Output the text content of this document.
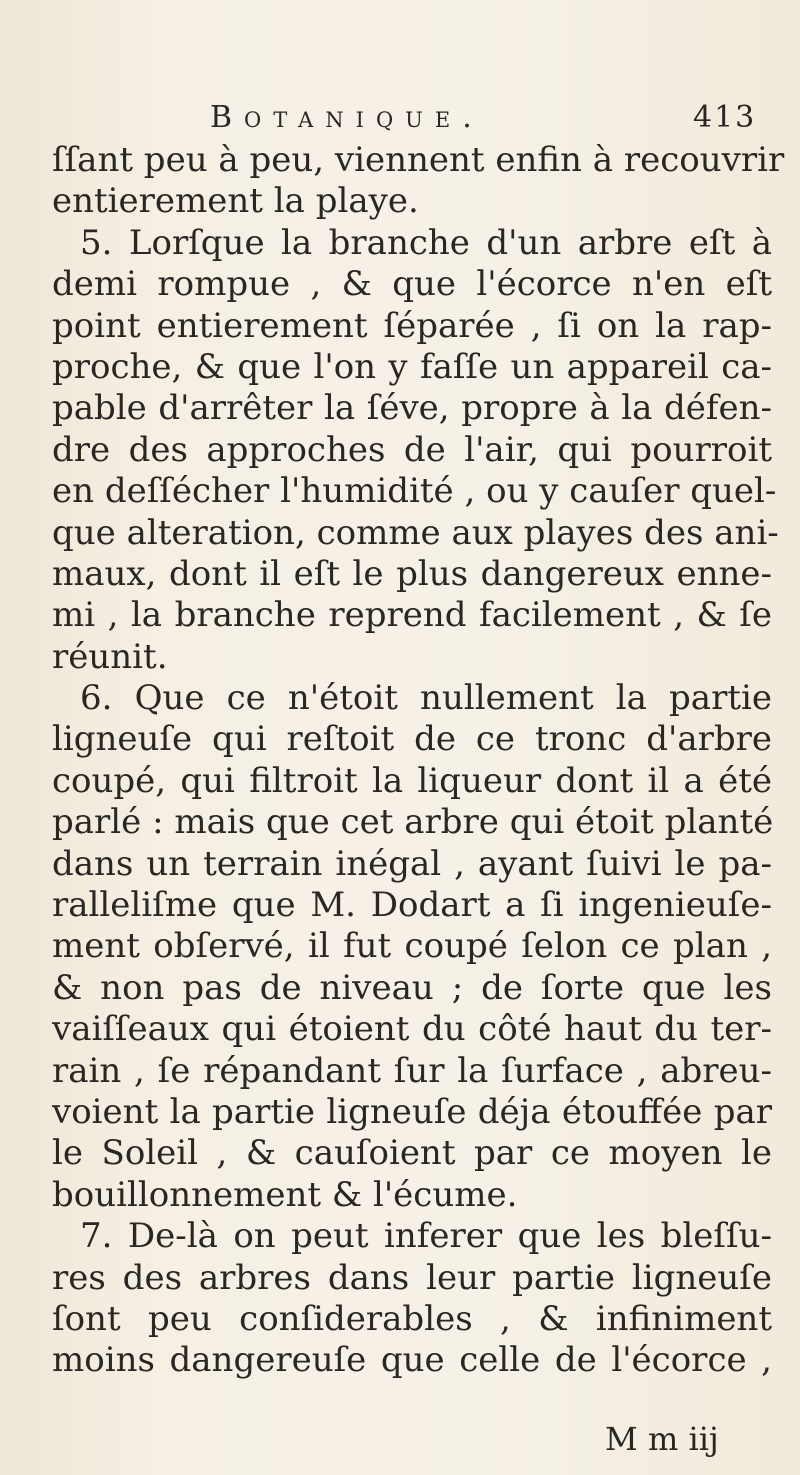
Botanique.	413
ſſant peu à peu, viennent enfin à recouvrir
entierement la playe.
5. Lorſque la branche d'un arbre eſt à
demi rompue , & que l'écorce n'en eſt
point entierement ſéparée , ſi on la rap-
proche, & que l'on y faſſe un appareil ca-
pable d'arrêter la ſéve, propre à la défen-
dre des approches de l'air, qui pourroit
en deſſécher l'humidité , ou y cauſer quel-
que alteration, comme aux playes des ani-
maux, dont il eſt le plus dangereux enne-
mi , la branche reprend facilement , & ſe
réunit.
6. Que ce n'étoit nullement la partie
ligneuſe qui reſtoit de ce tronc d'arbre
coupé, qui filtroit la liqueur dont il a été
parlé : mais que cet arbre qui étoit planté
dans un terrain inégal , ayant ſuivi le pa-
ralleliſme que M. Dodart a ſi ingenieuſe-
ment obſervé, il fut coupé ſelon ce plan ,
& non pas de niveau ; de ſorte que les
vaiſſeaux qui étoient du côté haut du ter-
rain , ſe répandant ſur la ſurface , abreu-
voient la partie ligneuſe déja étouffée par
le Soleil , & cauſoient par ce moyen le
bouillonnement & l'écume.
7. De-là on peut inferer que les bleſſu-
res des arbres dans leur partie ligneuſe
ſont peu conſiderables , & infiniment
moins dangereuſe que celle de l'écorce ,
M m iij
